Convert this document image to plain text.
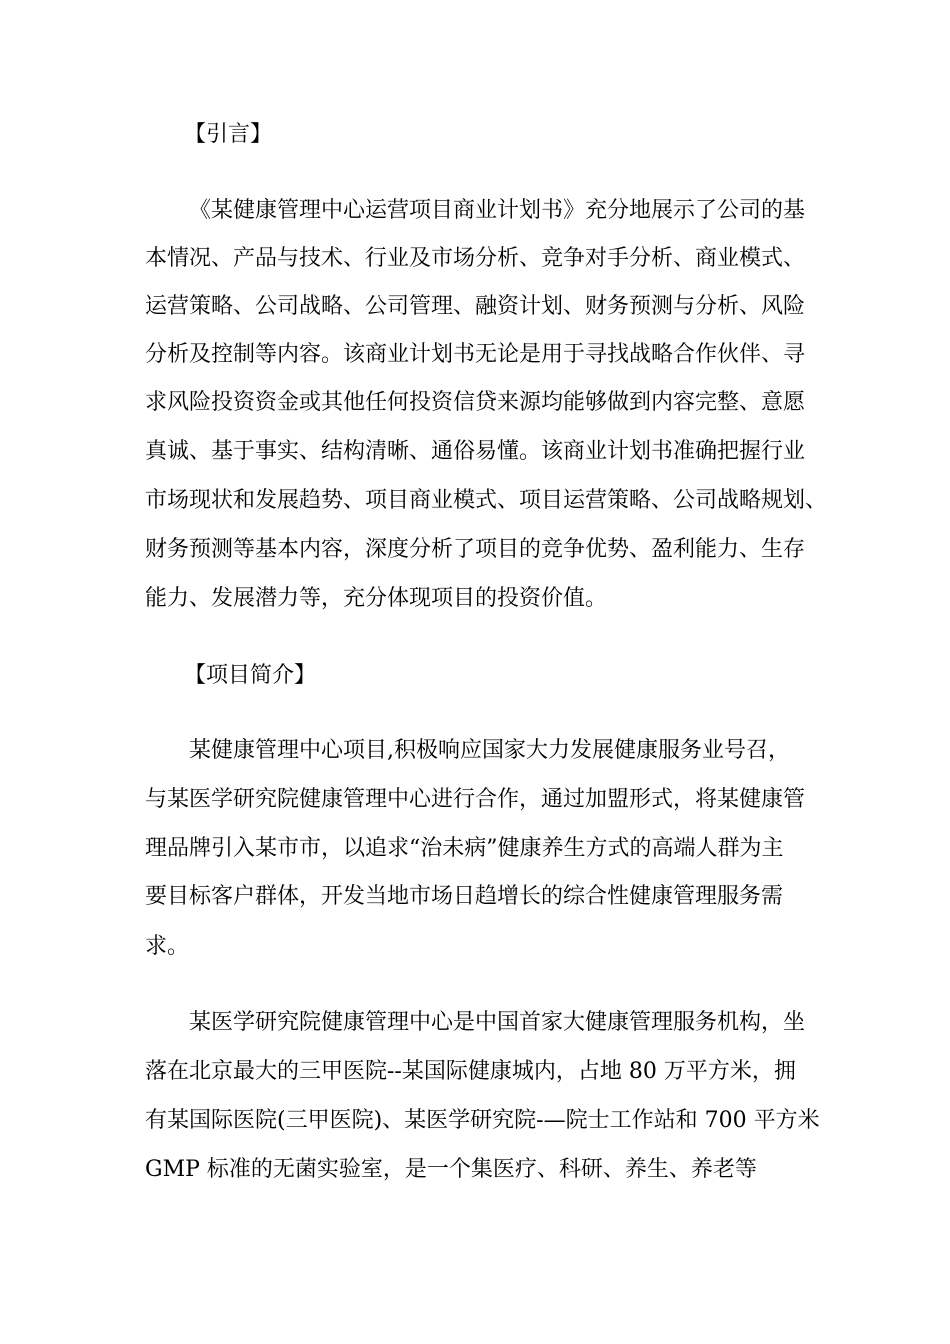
【引言】
《某健康管理中心运营项目商业计划书》充分地展示了公司的基
本情况、产品与技术、行业及市场分析、竞争对手分析、商业模式、
运营策略、公司战略、公司管理、融资计划、财务预测与分析、风险
分析及控制等内容。该商业计划书无论是用于寻找战略合作伙伴、寻
求风险投资资金或其他任何投资信贷来源均能够做到内容完整、意愿
真诚、基于事实、结构清晰、通俗易懂。该商业计划书准确把握行业
市场现状和发展趋势、项目商业模式、项目运营策略、公司战略规划、
财务预测等基本内容，深度分析了项目的竞争优势、盈利能力、生存
能力、发展潜力等，充分体现项目的投资价值。
【项目简介】
某健康管理中心项目,积极响应国家大力发展健康服务业号召，
与某医学研究院健康管理中心进行合作，通过加盟形式，将某健康管
理品牌引入某市市，以追求“治未病”健康养生方式的高端人群为主
要目标客户群体，开发当地市场日趋增长的综合性健康管理服务需
求。
某医学研究院健康管理中心是中国首家大健康管理服务机构，坐
落在北京最大的三甲医院--某国际健康城内，占地 80 万平方米，拥
有某国际医院(三甲医院)、某医学研究院-—院士工作站和 700 平方米
GMP 标准的无菌实验室，是一个集医疗、科研、养生、养老等
